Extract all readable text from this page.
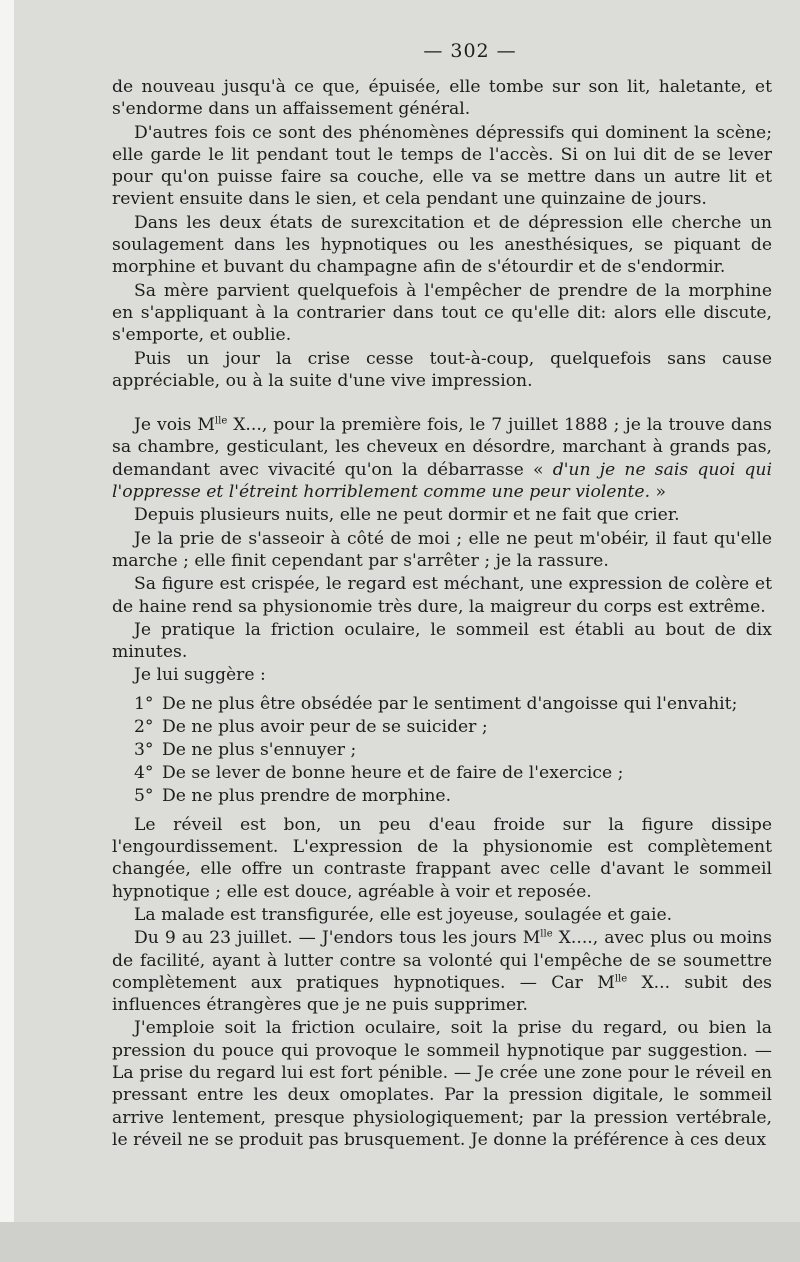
— 302 —

de nouveau jusqu'à ce que, épuisée, elle tombe sur son lit, haletante, et s'endorme dans un affaissement général.

D'autres fois ce sont des phénomènes dépressifs qui dominent la scène; elle garde le lit pendant tout le temps de l'accès. Si on lui dit de se lever pour qu'on puisse faire sa couche, elle va se mettre dans un autre lit et revient ensuite dans le sien, et cela pendant une quinzaine de jours.

Dans les deux états de surexcitation et de dépression elle cherche un soulagement dans les hypnotiques ou les anesthésiques, se piquant de morphine et buvant du champagne afin de s'étourdir et de s'endormir.

Sa mère parvient quelquefois à l'empêcher de prendre de la morphine en s'appliquant à la contrarier dans tout ce qu'elle dit: alors elle discute, s'emporte, et oublie.

Puis un jour la crise cesse tout-à-coup, quelquefois sans cause appréciable, ou à la suite d'une vive impression.

Je vois $M^{lle}$ X..., pour la première fois, le 7 juillet 1888 ; je la trouve dans sa chambre, gesticulant, les cheveux en désordre, marchant à grands pas, demandant avec vivacité qu'on la débarrasse « d'un je ne sais quoi qui l'oppresse et l'étreint horriblement comme une peur violente. »

Depuis plusieurs nuits, elle ne peut dormir et ne fait que crier.

Je la prie de s'asseoir à côté de moi ; elle ne peut m'obéir, il faut qu'elle marche ; elle finit cependant par s'arrêter ; je la rassure.

Sa figure est crispée, le regard est méchant, une expression de colère et de haine rend sa physionomie très dure, la maigreur du corps est extrême.

Je pratique la friction oculaire, le sommeil est établi au bout de dix minutes.

Je lui suggère :

1° De ne plus être obsédée par le sentiment d'angoisse qui l'envahit;
2° De ne plus avoir peur de se suicider ;
3° De ne plus s'ennuyer ;
4° De se lever de bonne heure et de faire de l'exercice ;
5° De ne plus prendre de morphine.

Le réveil est bon, un peu d'eau froide sur la figure dissipe l'engourdissement. L'expression de la physionomie est complètement changée, elle offre un contraste frappant avec celle d'avant le sommeil hypnotique ; elle est douce, agréable à voir et reposée.

La malade est transfigurée, elle est joyeuse, soulagée et gaie.

Du 9 au 23 juillet. — J'endors tous les jours $M^{lle}$ X...., avec plus ou moins de facilité, ayant à lutter contre sa volonté qui l'empêche de se soumettre complètement aux pratiques hypnotiques. — Car $M^{lle}$ X... subit des influences étrangères que je ne puis supprimer.

J'emploie soit la friction oculaire, soit la prise du regard, ou bien la pression du pouce qui provoque le sommeil hypnotique par suggestion. — La prise du regard lui est fort pénible. — Je crée une zone pour le réveil en pressant entre les deux omoplates. Par la pression digitale, le sommeil arrive lentement, presque physiologiquement; par la pression vertébrale, le réveil ne se produit pas brusquement. Je donne la préférence à ces deux
